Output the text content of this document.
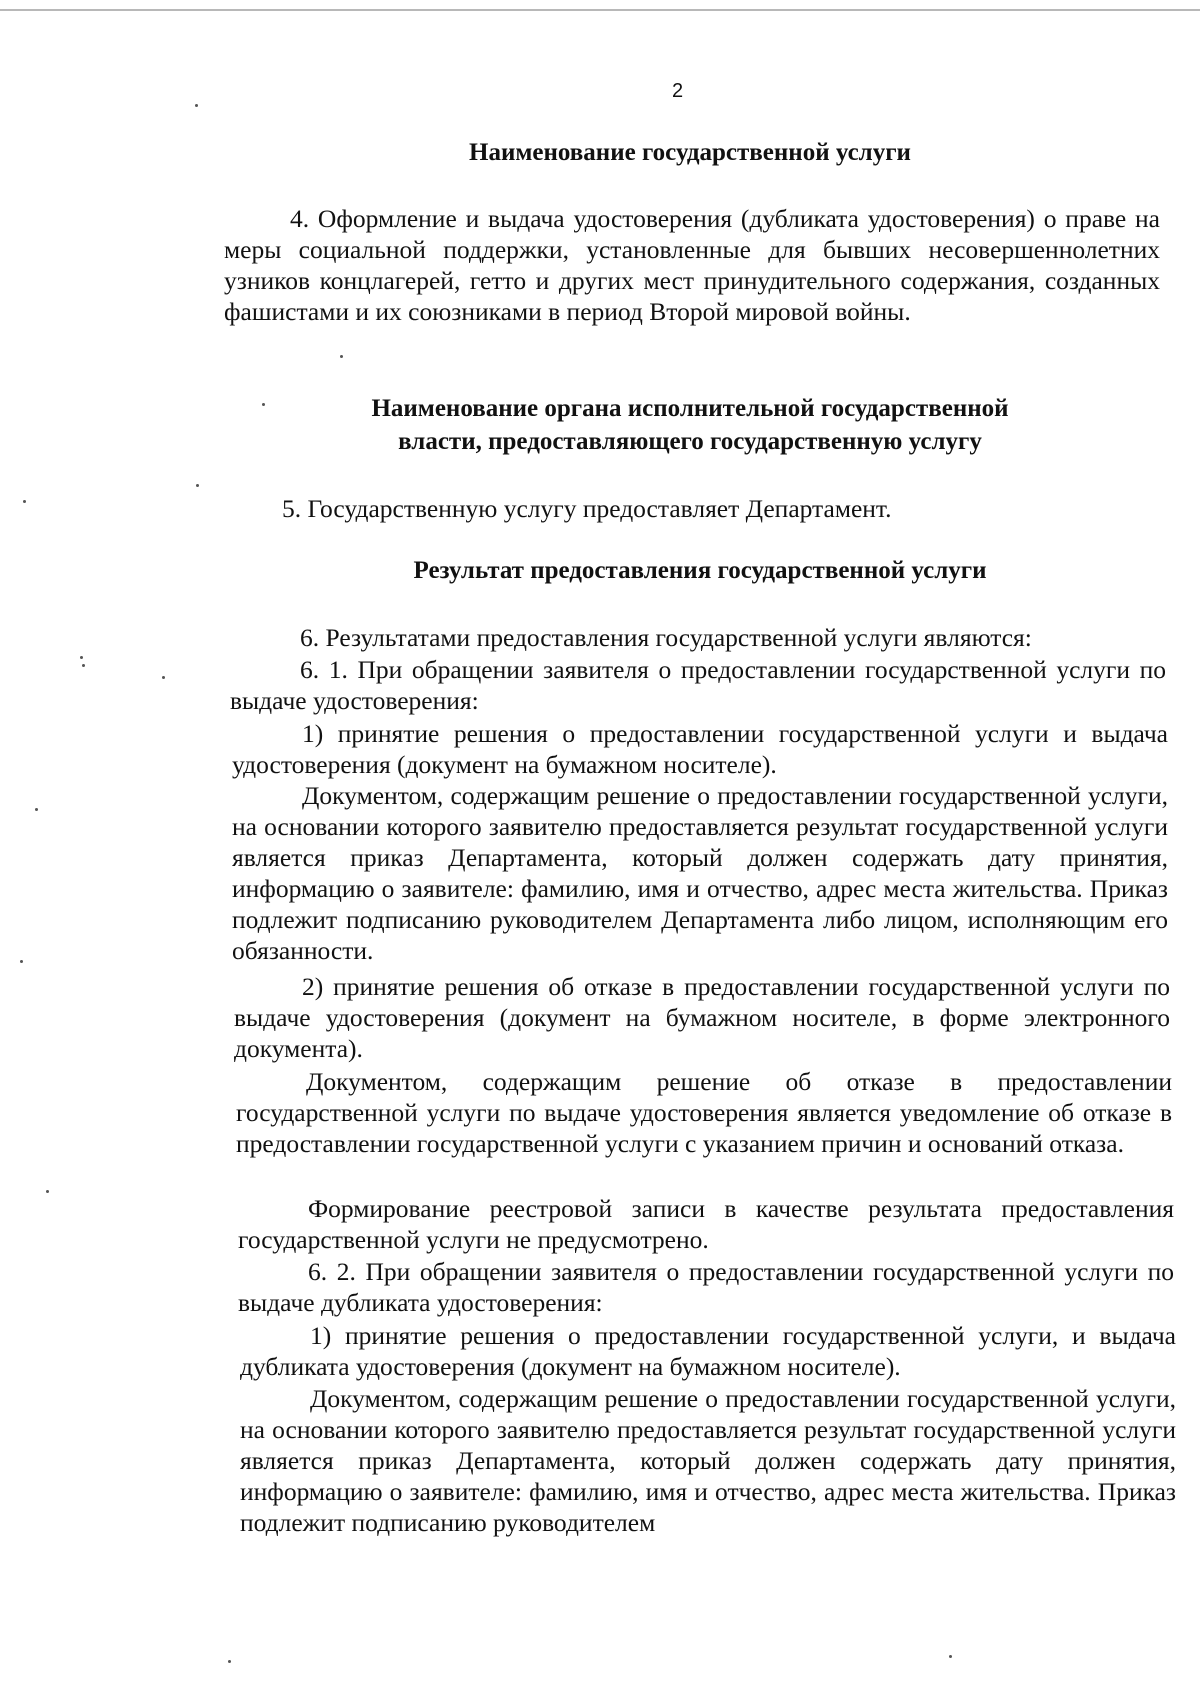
2
Наименование государственной услуги
4. Оформление и выдача удостоверения (дубликата удостоверения) о праве на меры социальной поддержки, установленные для бывших несовершеннолетних узников концлагерей, гетто и других мест принудительного содержания, созданных фашистами и их союзниками в период Второй мировой войны.
Наименование органа исполнительной государственной
власти, предоставляющего государственную услугу
5. Государственную услугу предоставляет Департамент.
Результат предоставления государственной услуги
6. Результатами предоставления государственной услуги являются:
6. 1. При обращении заявителя о предоставлении государственной услуги по выдаче удостоверения:
1) принятие решения о предоставлении государственной услуги и выдача удостоверения (документ на бумажном носителе).
Документом, содержащим решение о предоставлении государственной услуги, на основании которого заявителю предоставляется результат государственной услуги является приказ Департамента, который должен содержать дату принятия, информацию о заявителе: фамилию, имя и отчество, адрес места жительства. Приказ подлежит подписанию руководителем Департамента либо лицом, исполняющим его обязанности.
2) принятие решения об отказе в предоставлении государственной услуги по выдаче удостоверения (документ на бумажном носителе, в форме электронного документа).
Документом, содержащим решение об отказе в предоставлении государственной услуги по выдаче удостоверения является уведомление об отказе в предоставлении государственной услуги с указанием причин и оснований отказа.
Формирование реестровой записи в качестве результата предоставления государственной услуги не предусмотрено.
6. 2. При обращении заявителя о предоставлении государственной услуги по выдаче дубликата удостоверения:
1) принятие решения о предоставлении государственной услуги, и выдача дубликата удостоверения (документ на бумажном носителе).
Документом, содержащим решение о предоставлении государственной услуги, на основании которого заявителю предоставляется результат государственной услуги является приказ Департамента, который должен содержать дату принятия, информацию о заявителе: фамилию, имя и отчество, адрес места жительства. Приказ подлежит подписанию руководителем
